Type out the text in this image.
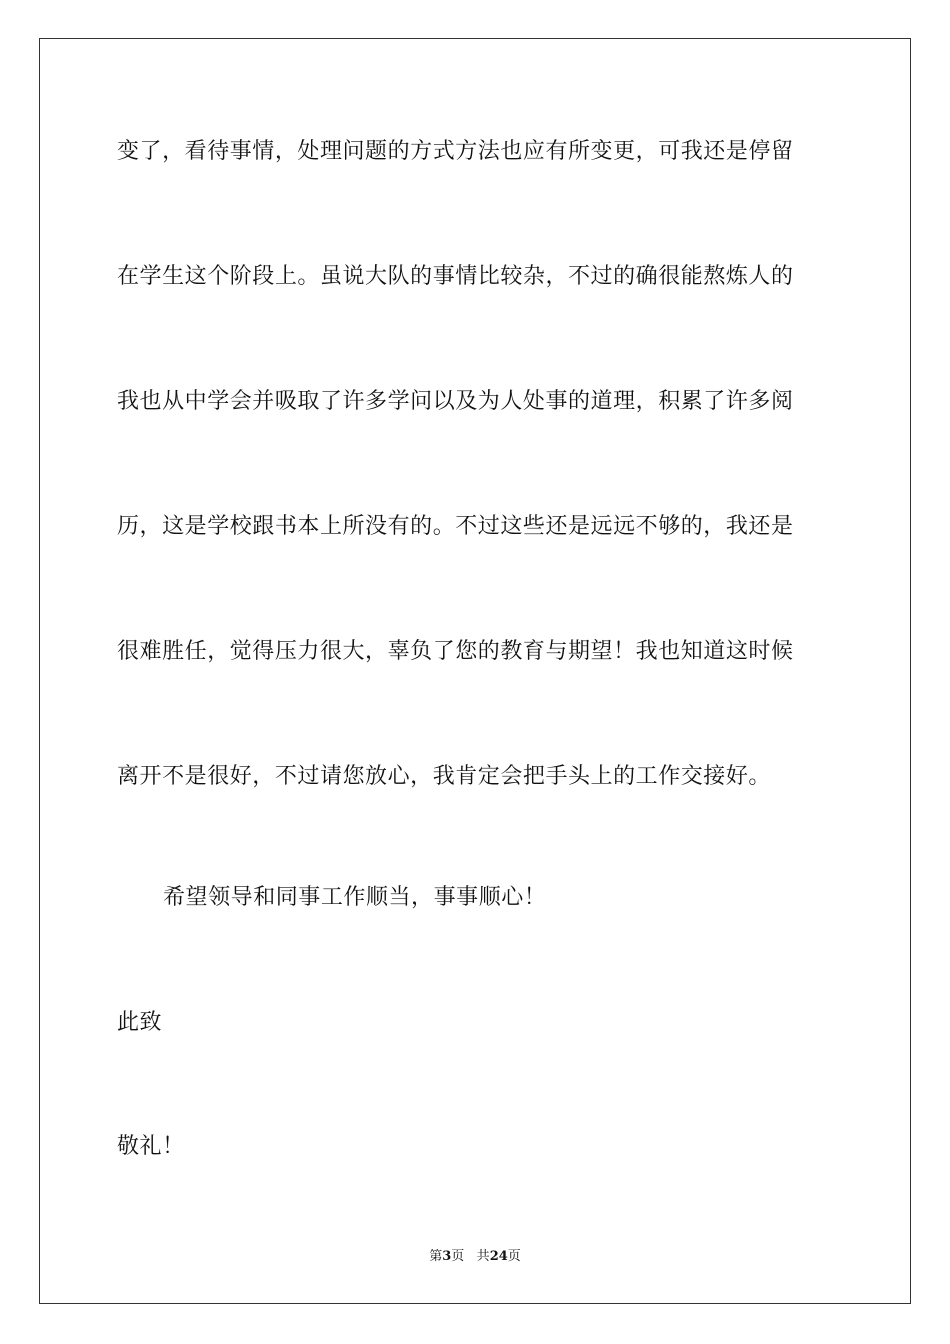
变了，看待事情，处理问题的方式方法也应有所变更，可我还是停留
在学生这个阶段上。虽说大队的事情比较杂，不过的确很能熬炼人的
我也从中学会并吸取了许多学问以及为人处事的道理，积累了许多阅
历，这是学校跟书本上所没有的。不过这些还是远远不够的，我还是
很难胜任，觉得压力很大，辜负了您的教育与期望！我也知道这时候
离开不是很好，不过请您放心，我肯定会把手头上的工作交接好。
希望领导和同事工作顺当，事事顺心！
此致
敬礼！
第3页 共24页
